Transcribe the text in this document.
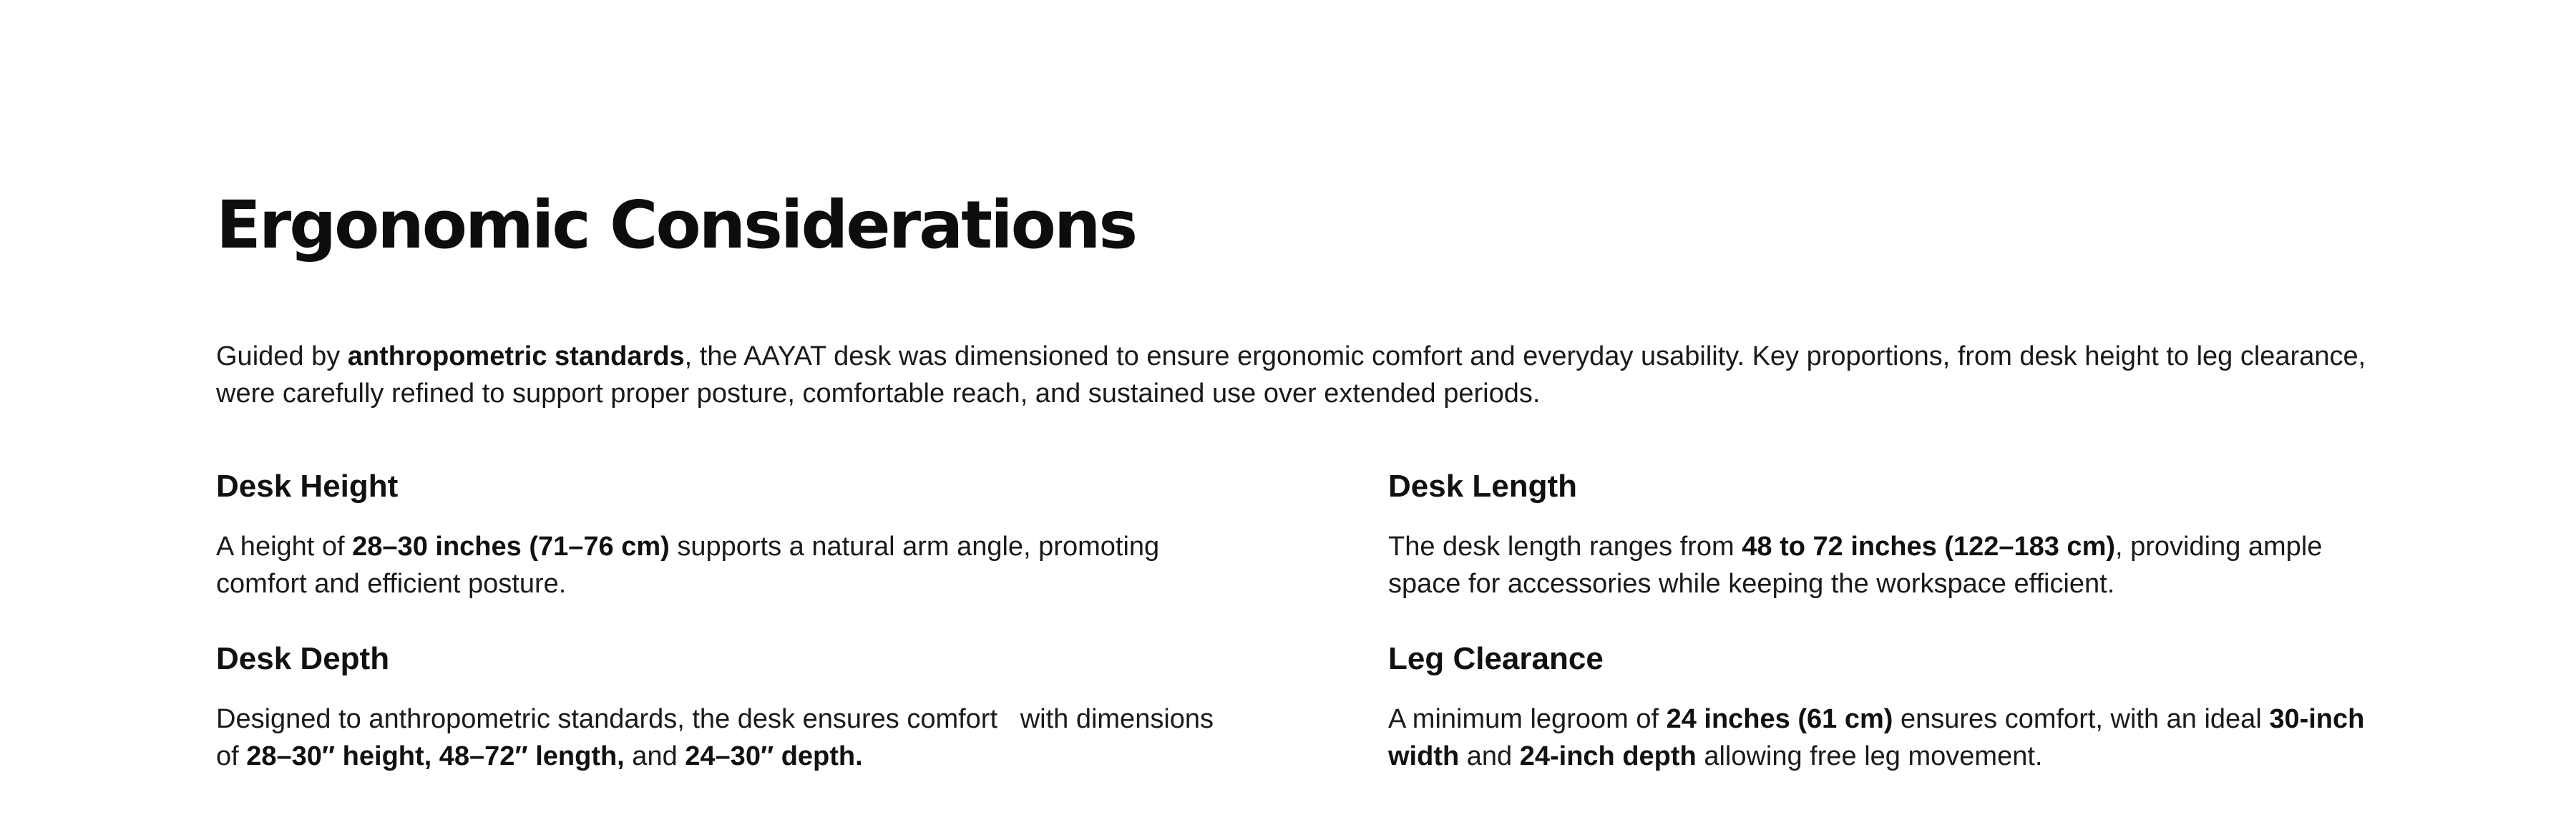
Ergonomic Considerations

Guided by anthropometric standards, the AAYAT desk was dimensioned to ensure ergonomic comfort and everyday usability. Key proportions, from desk height to leg clearance, were carefully refined to support proper posture, comfortable reach, and sustained use over extended periods.

Desk Height

A height of 28–30 inches (71–76 cm) supports a natural arm angle, promoting comfort and efficient posture.

Desk Length

The desk length ranges from 48 to 72 inches (122–183 cm), providing ample space for accessories while keeping the workspace efficient.

Desk Depth

Designed to anthropometric standards, the desk ensures comfort   with dimensions of 28–30″ height, 48–72″ length, and 24–30″ depth.

Leg Clearance

A minimum legroom of 24 inches (61 cm) ensures comfort, with an ideal 30-inch width and 24-inch depth allowing free leg movement.
